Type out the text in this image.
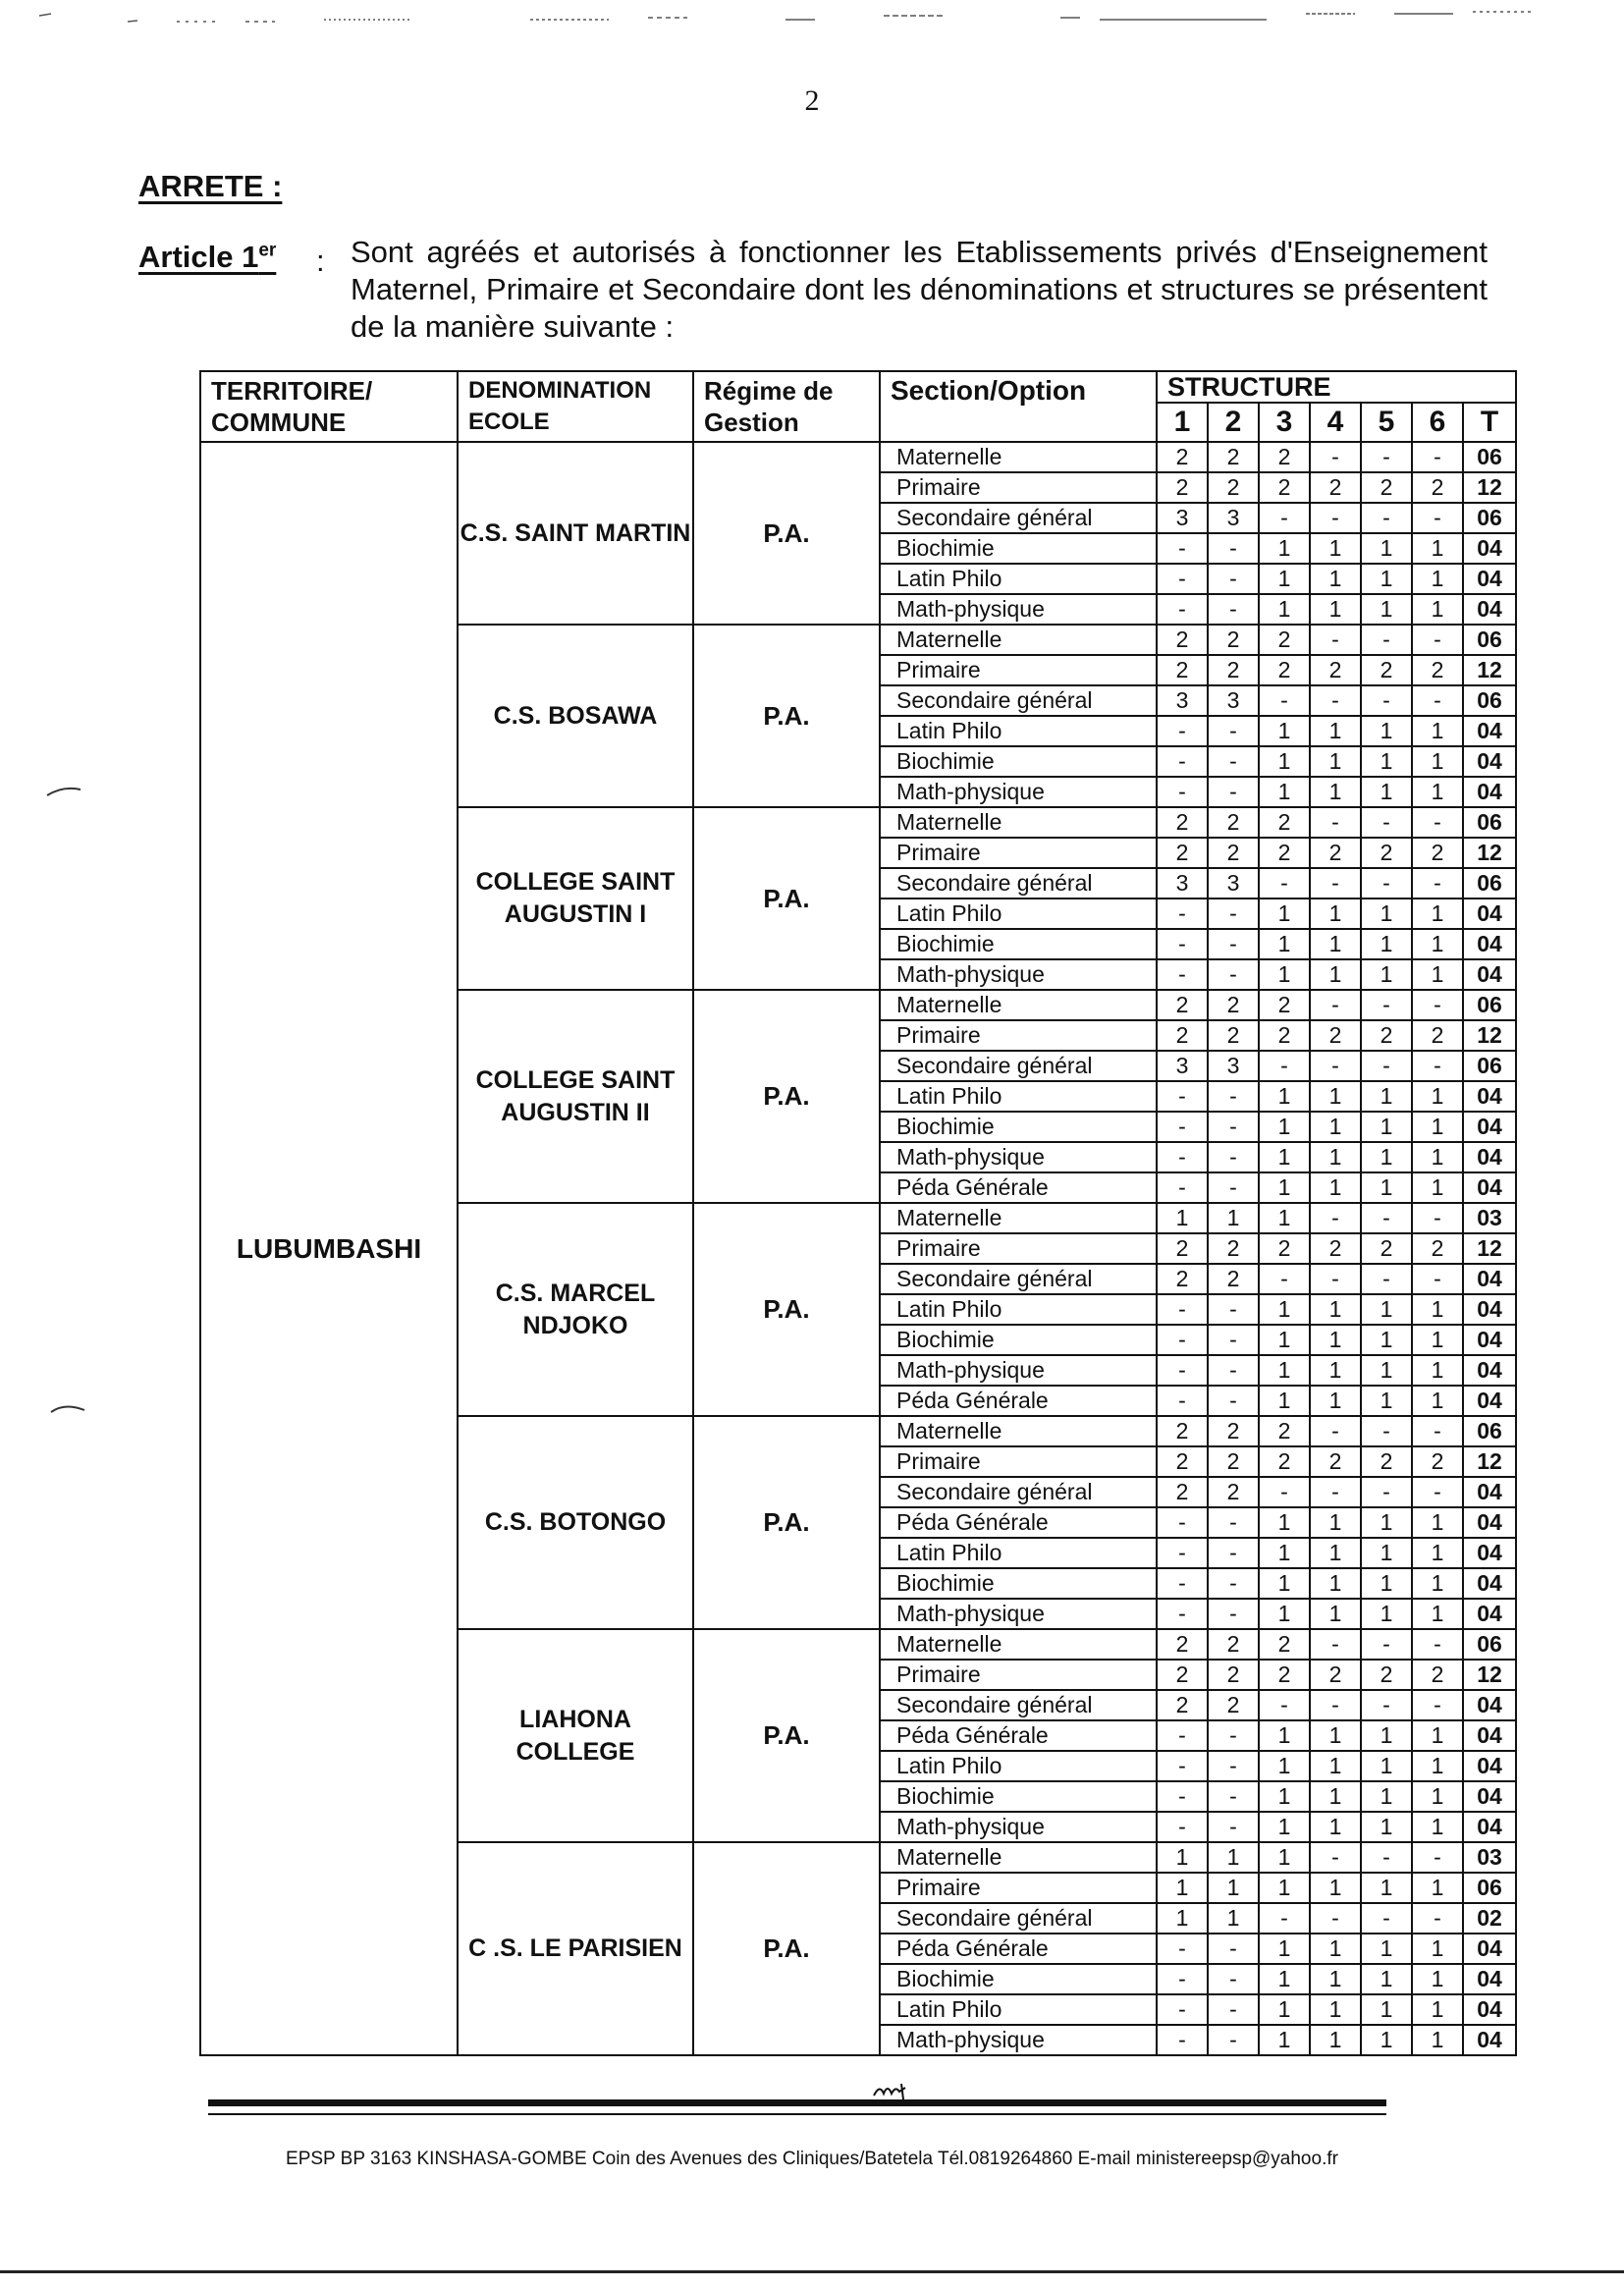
2
ARRETE :
Article 1er : Sont agréés et autorisés à fonctionner les Etablissements privés d'Enseignement Maternel, Primaire et Secondaire dont les dénominations et structures se présentent de la manière suivante :
TERRITOIRE/ COMMUNE	DENOMINATION ECOLE	Régime de Gestion	Section/Option	STRUCTURE						
				1	2	3	4	5	6	T
LUBUMBASHI	C.S. SAINT MARTIN	P.A.	Maternelle	2	2	2	-	-	-	06
			Primaire	2	2	2	2	2	2	12
			Secondaire général	3	3	-	-	-	-	06
			Biochimie	-	-	1	1	1	1	04
			Latin Philo	-	-	1	1	1	1	04
			Math-physique	-	-	1	1	1	1	04
	C.S. BOSAWA	P.A.	Maternelle	2	2	2	-	-	-	06
			Primaire	2	2	2	2	2	2	12
			Secondaire général	3	3	-	-	-	-	06
			Latin Philo	-	-	1	1	1	1	04
			Biochimie	-	-	1	1	1	1	04
			Math-physique	-	-	1	1	1	1	04
	COLLEGE SAINT AUGUSTIN I	P.A.	Maternelle	2	2	2	-	-	-	06
			Primaire	2	2	2	2	2	2	12
			Secondaire général	3	3	-	-	-	-	06
			Latin Philo	-	-	1	1	1	1	04
			Biochimie	-	-	1	1	1	1	04
			Math-physique	-	-	1	1	1	1	04
	COLLEGE SAINT AUGUSTIN II	P.A.	Maternelle	2	2	2	-	-	-	06
			Primaire	2	2	2	2	2	2	12
			Secondaire général	3	3	-	-	-	-	06
			Latin Philo	-	-	1	1	1	1	04
			Biochimie	-	-	1	1	1	1	04
			Math-physique	-	-	1	1	1	1	04
			Péda Générale	-	-	1	1	1	1	04
	C.S. MARCEL NDJOKO	P.A.	Maternelle	1	1	1	-	-	-	03
			Primaire	2	2	2	2	2	2	12
			Secondaire général	2	2	-	-	-	-	04
			Latin Philo	-	-	1	1	1	1	04
			Biochimie	-	-	1	1	1	1	04
			Math-physique	-	-	1	1	1	1	04
			Péda Générale	-	-	1	1	1	1	04
	C.S. BOTONGO	P.A.	Maternelle	2	2	2	-	-	-	06
			Primaire	2	2	2	2	2	2	12
			Secondaire général	2	2	-	-	-	-	04
			Péda Générale	-	-	1	1	1	1	04
			Latin Philo	-	-	1	1	1	1	04
			Biochimie	-	-	1	1	1	1	04
			Math-physique	-	-	1	1	1	1	04
	LIAHONA COLLEGE	P.A.	Maternelle	2	2	2	-	-	-	06
			Primaire	2	2	2	2	2	2	12
			Secondaire général	2	2	-	-	-	-	04
			Péda Générale	-	-	1	1	1	1	04
			Latin Philo	-	-	1	1	1	1	04
			Biochimie	-	-	1	1	1	1	04
			Math-physique	-	-	1	1	1	1	04
	C .S. LE PARISIEN	P.A.	Maternelle	1	1	1	-	-	-	03
			Primaire	1	1	1	1	1	1	06
			Secondaire général	1	1	-	-	-	-	02
			Péda Générale	-	-	1	1	1	1	04
			Biochimie	-	-	1	1	1	1	04
			Latin Philo	-	-	1	1	1	1	04
			Math-physique	-	-	1	1	1	1	04
EPSP BP 3163 KINSHASA-GOMBE Coin des Avenues des Cliniques/Batetela Tél.0819264860 E-mail ministereepsp@yahoo.fr
